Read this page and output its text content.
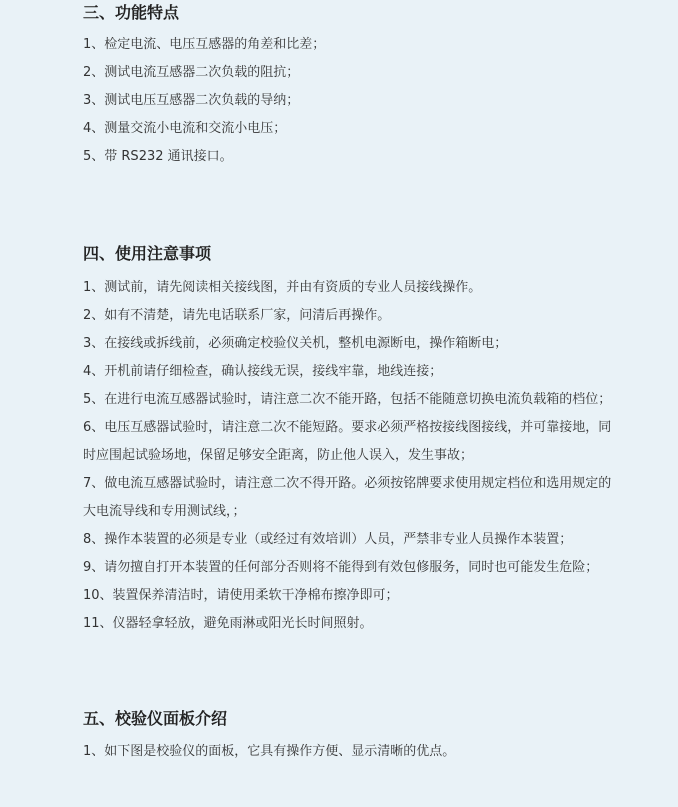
三、功能特点

1、检定电流、电压互感器的角差和比差；

2、测试电流互感器二次负载的阻抗；

3、测试电压互感器二次负载的导纳；

4、测量交流小电流和交流小电压；

5、带 RS232 通讯接口。

四、使用注意事项

1、测试前，请先阅读相关接线图，并由有资质的专业人员接线操作。

2、如有不清楚，请先电话联系厂家，问清后再操作。

3、在接线或拆线前，必须确定校验仪关机，整机电源断电，操作箱断电；

4、开机前请仔细检查，确认接线无误，接线牢靠，地线连接；

5、在进行电流互感器试验时，请注意二次不能开路，包括不能随意切换电流负载箱的档位；

6、电压互感器试验时，请注意二次不能短路。要求必须严格按接线图接线，并可靠接地，同时应围起试验场地，保留足够安全距离，防止他人误入，发生事故；

7、做电流互感器试验时，请注意二次不得开路。必须按铭牌要求使用规定档位和选用规定的大电流导线和专用测试线，；

8、操作本装置的必须是专业（或经过有效培训）人员，严禁非专业人员操作本装置；

9、请勿擅自打开本装置的任何部分否则将不能得到有效包修服务，同时也可能发生危险；

10、装置保养清洁时，请使用柔软干净棉布擦净即可；

11、仪器轻拿轻放，避免雨淋或阳光长时间照射。

五、校验仪面板介绍

1、如下图是校验仪的面板，它具有操作方便、显示清晰的优点。
